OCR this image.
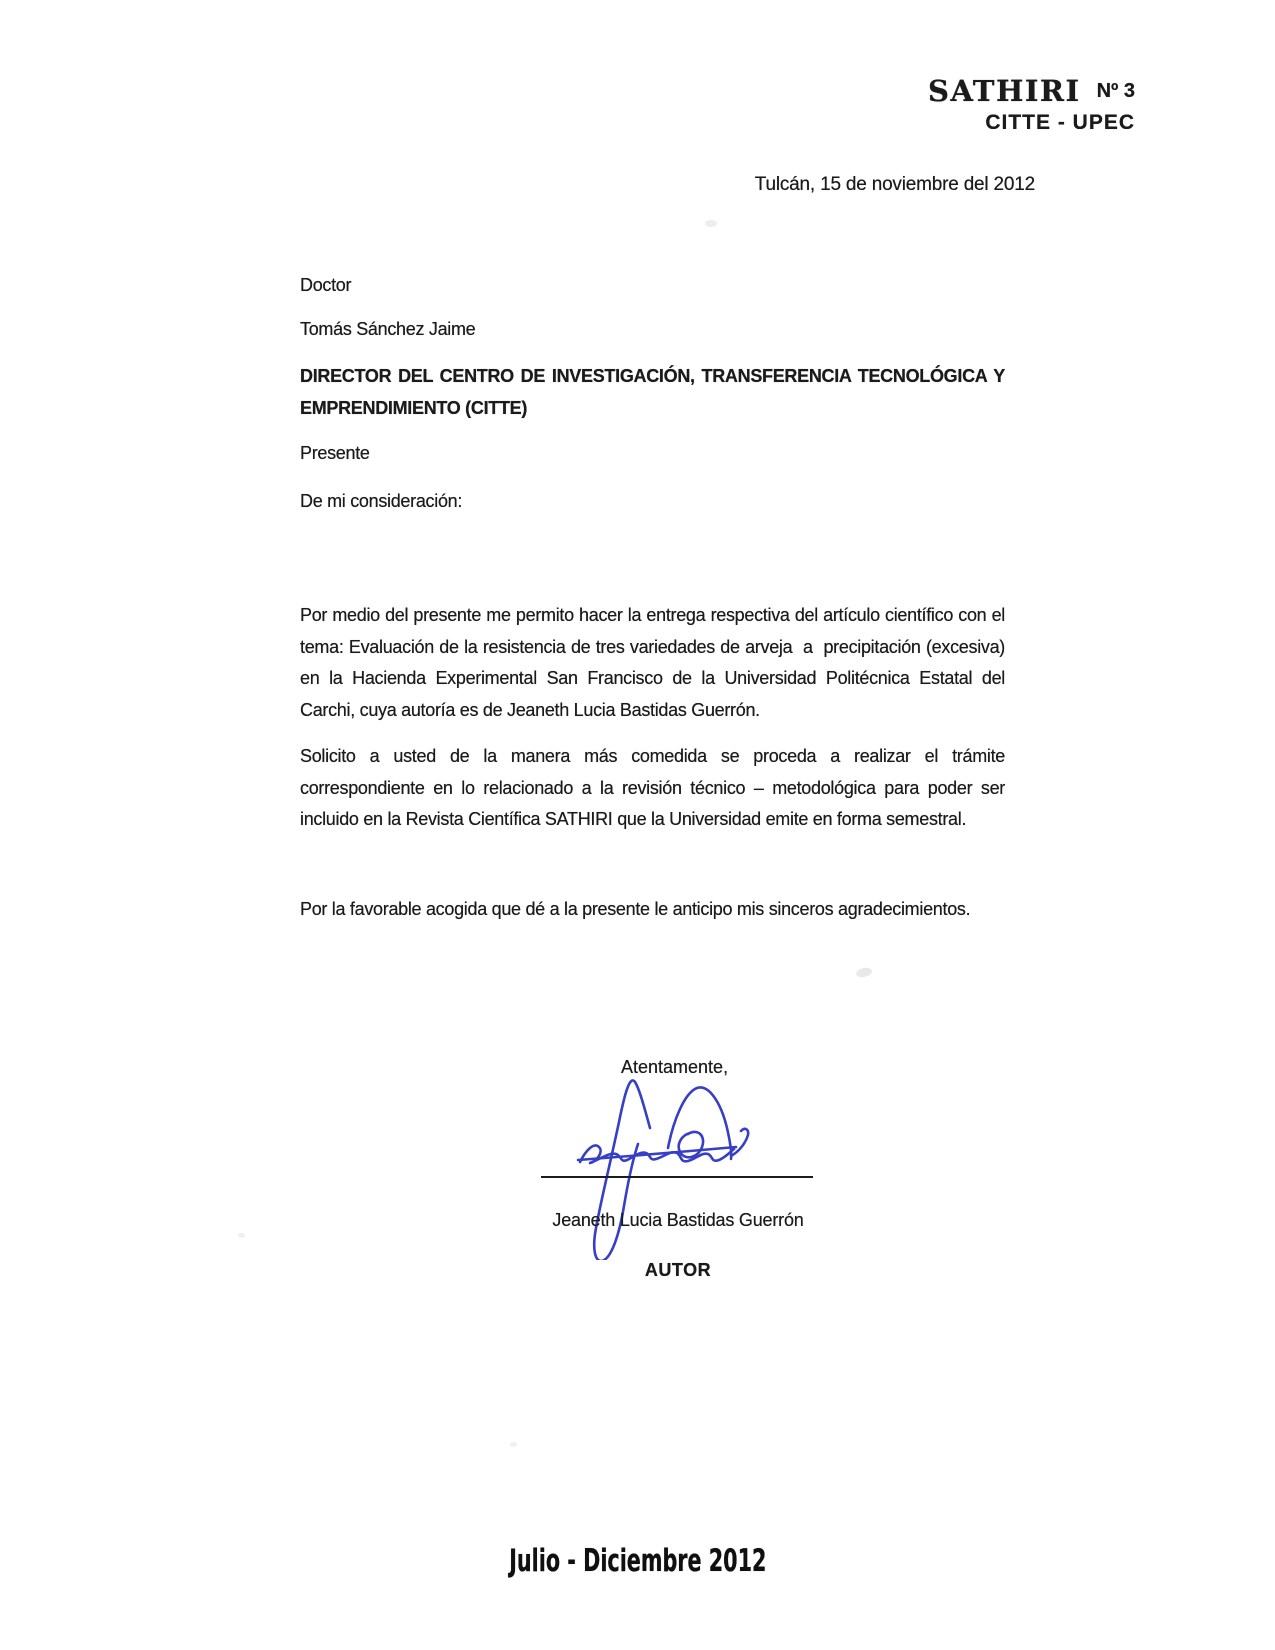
SATHIRI Nº 3
CITTE - UPEC
Tulcán, 15 de noviembre del 2012
Doctor
Tomás Sánchez Jaime
DIRECTOR DEL CENTRO DE INVESTIGACIÓN, TRANSFERENCIA TECNOLÓGICA Y
EMPRENDIMIENTO (CITTE)
Presente
De mi consideración:
Por medio del presente me permito hacer la entrega respectiva del artículo científico con el tema: Evaluación de la resistencia de tres variedades de arveja  a  precipitación (excesiva) en la Hacienda Experimental San Francisco de la Universidad Politécnica Estatal del Carchi, cuya autoría es de Jeaneth Lucia Bastidas Guerrón.
Solicito a usted de la manera más comedida se proceda a realizar el trámite correspondiente en lo relacionado a la revisión técnico – metodológica para poder ser incluido en la Revista Científica SATHIRI que la Universidad emite en forma semestral.
Por la favorable acogida que dé a la presente le anticipo mis sinceros agradecimientos.
Atentamente,
Jeaneth Lucia Bastidas Guerrón
AUTOR
Julio - Diciembre 2012
